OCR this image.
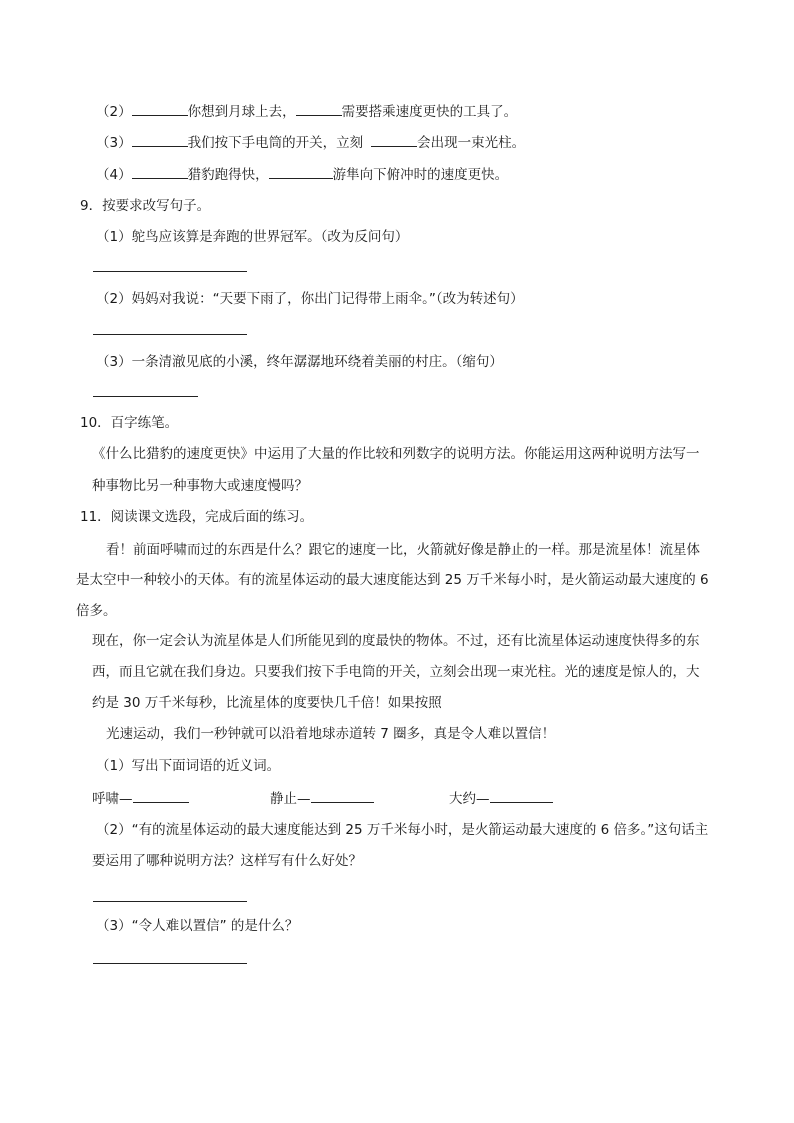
（2）	你想到月球上去，	需要搭乘速度更快的工具了。
（3）	我们按下手电筒的开关，立刻	会出现一束光柱。
（4）	猎豹跑得快，	游隼向下俯冲时的速度更快。
9．按要求改写句子。
（1）鸵鸟应该算是奔跑的世界冠军。（改为反问句）
（2）妈妈对我说：“天要下雨了，你出门记得带上雨伞。”（改为转述句）
（3）一条清澈见底的小溪，终年潺潺地环绕着美丽的村庄。（缩句）
10．百字练笔。
《什么比猎豹的速度更快》中运用了大量的作比较和列数字的说明方法。你能运用这两种说明方法写一
种事物比另一种事物大或速度慢吗？
11．阅读课文选段，完成后面的练习。
看！前面呼啸而过的东西是什么？跟它的速度一比，火箭就好像是静止的一样。那是流星体！流星体
是太空中一种较小的天体。有的流星体运动的最大速度能达到 25 万千米每小时，是火箭运动最大速度的 6
倍多。
现在，你一定会认为流星体是人们所能见到的度最快的物体。不过，还有比流星体运动速度快得多的东
西，而且它就在我们身边。只要我们按下手电筒的开关，立刻会出现一束光柱。光的速度是惊人的，大
约是 30 万千米每秒，比流星体的度要快几千倍！如果按照
光速运动，我们一秒钟就可以沿着地球赤道转 7 圈多，真是令人难以置信！
（1）写出下面词语的近义词。
呼啸—	静止—	大约—
（2）“有的流星体运动的最大速度能达到 25 万千米每小时，是火箭运动最大速度的 6 倍多。”这句话主
要运用了哪种说明方法？这样写有什么好处？
（3）“令人难以置信” 的是什么？
